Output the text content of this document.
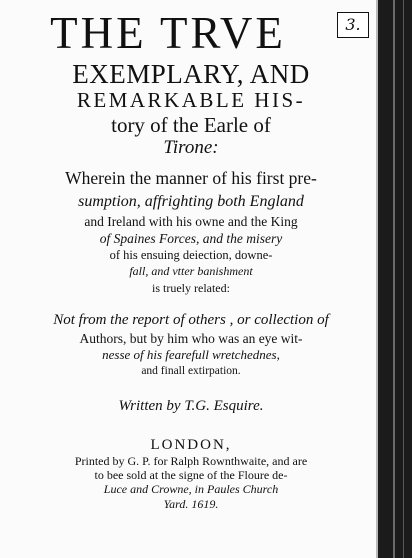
3.
THE TRVE
EXEMPLARY, AND
REMARKABLE HIS-
tory of the Earle of
Tirone:
Wherein the manner of his first pre-
sumption, affrighting both England
and Ireland with his owne and the King
of Spaines Forces, and the misery
of his ensuing deiection, downe-
fall, and vtter banishment
is truely related:
Not from the report of others , or collection of
Authors, but by him who was an eye wit-
nesse of his fearefull wretchednes,
and finall extirpation.
Written by T.G. Esquire.
LONDON,
Printed by G. P. for Ralph Rownthwaite, and are
to bee sold at the signe of the Floure de-
Luce and Crowne, in Paules Church
Yard. 1619.
